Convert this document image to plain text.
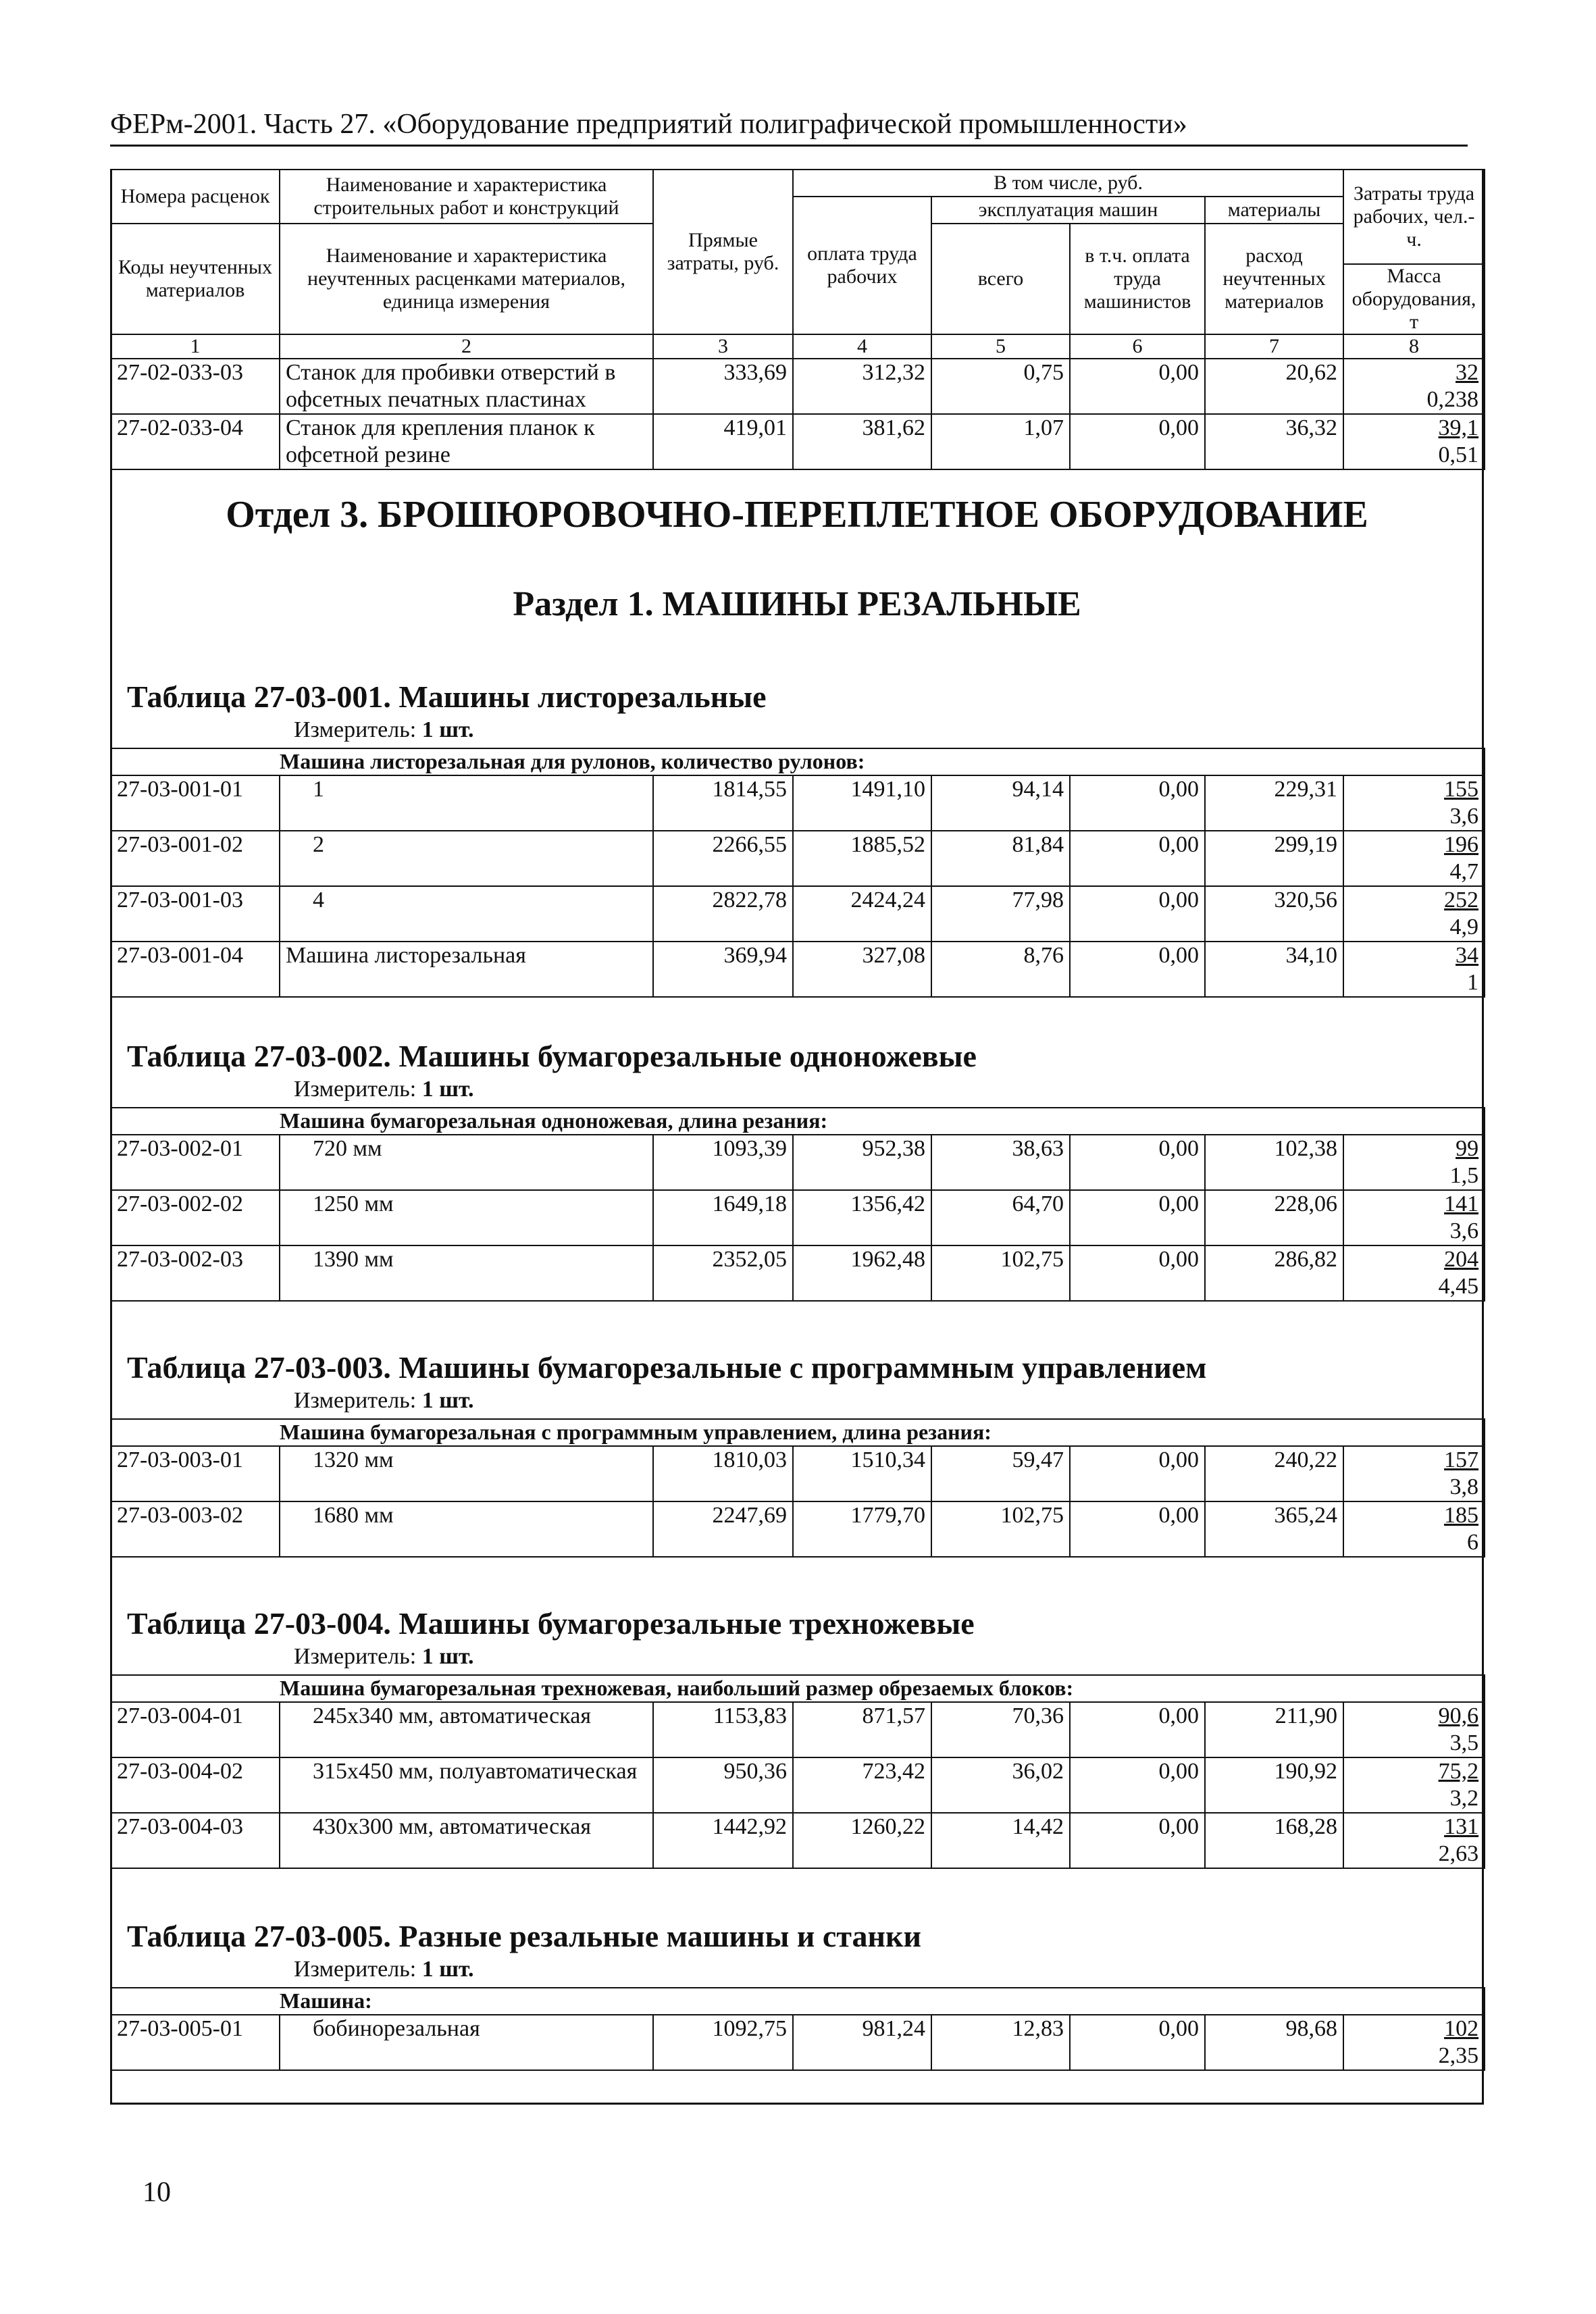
ФЕРм-2001. Часть 27. «Оборудование предприятий полиграфической промышленности»
Номера расценок	Наименование и характеристика строительных работ и конструкций	Прямые затраты, руб.	В том числе, руб.				Затраты труда рабочих, чел.-ч.
			оплата труда рабочих	эксплуатация машин		материалы	
Коды неучтенных материалов	Наименование и характеристика неучтенных расценками материалов, единица измерения			всего	в т.ч. оплата труда машинистов	расход неучтенных материалов	
							Масса оборудования, т
1	2	3	4	5	6	7	8
27-02-033-03	Станок для пробивки отверстий в офсетных печатных пластинах	333,69	312,32	0,75	0,00	20,62	32
0,238

27-02-033-04	Станок для крепления планок к офсетной резине	419,01	381,62	1,07	0,00	36,32	39,1
0,51
Отдел 3. БРОШЮРОВОЧНО-ПЕРЕПЛЕТНОЕ ОБОРУДОВАНИЕ
Раздел 1. МАШИНЫ РЕЗАЛЬНЫЕ
Таблица 27-03-001. Машины листорезальные
Измеритель: 1 шт.
	Машина листорезальная для рулонов, количество рулонов:						
27-03-001-01	1	1814,55	1491,10	94,14	0,00	229,31	155
3,6

27-03-001-02	2	2266,55	1885,52	81,84	0,00	299,19	196
4,7

27-03-001-03	4	2822,78	2424,24	77,98	0,00	320,56	252
4,9

27-03-001-04	Машина листорезальная	369,94	327,08	8,76	0,00	34,10	34
1
Таблица 27-03-002. Машины бумагорезальные одноножевые
Измеритель: 1 шт.
	Машина бумагорезальная одноножевая, длина резания:						
27-03-002-01	720 мм	1093,39	952,38	38,63	0,00	102,38	99
1,5

27-03-002-02	1250 мм	1649,18	1356,42	64,70	0,00	228,06	141
3,6

27-03-002-03	1390 мм	2352,05	1962,48	102,75	0,00	286,82	204
4,45
Таблица 27-03-003. Машины бумагорезальные с программным управлением
Измеритель: 1 шт.
	Машина бумагорезальная с программным управлением, длина резания:						
27-03-003-01	1320 мм	1810,03	1510,34	59,47	0,00	240,22	157
3,8

27-03-003-02	1680 мм	2247,69	1779,70	102,75	0,00	365,24	185
6
Таблица 27-03-004. Машины бумагорезальные трехножевые
Измеритель: 1 шт.
	Машина бумагорезальная трехножевая, наибольший размер обрезаемых блоков:						
27-03-004-01	245х340 мм, автоматическая	1153,83	871,57	70,36	0,00	211,90	90,6
3,5

27-03-004-02	315х450 мм, полуавтоматическая	950,36	723,42	36,02	0,00	190,92	75,2
3,2

27-03-004-03	430х300 мм, автоматическая	1442,92	1260,22	14,42	0,00	168,28	131
2,63
Таблица 27-03-005. Разные резальные машины и станки
Измеритель: 1 шт.
	Машина:						
27-03-005-01	бобинорезальная	1092,75	981,24	12,83	0,00	98,68	102
2,35
10
